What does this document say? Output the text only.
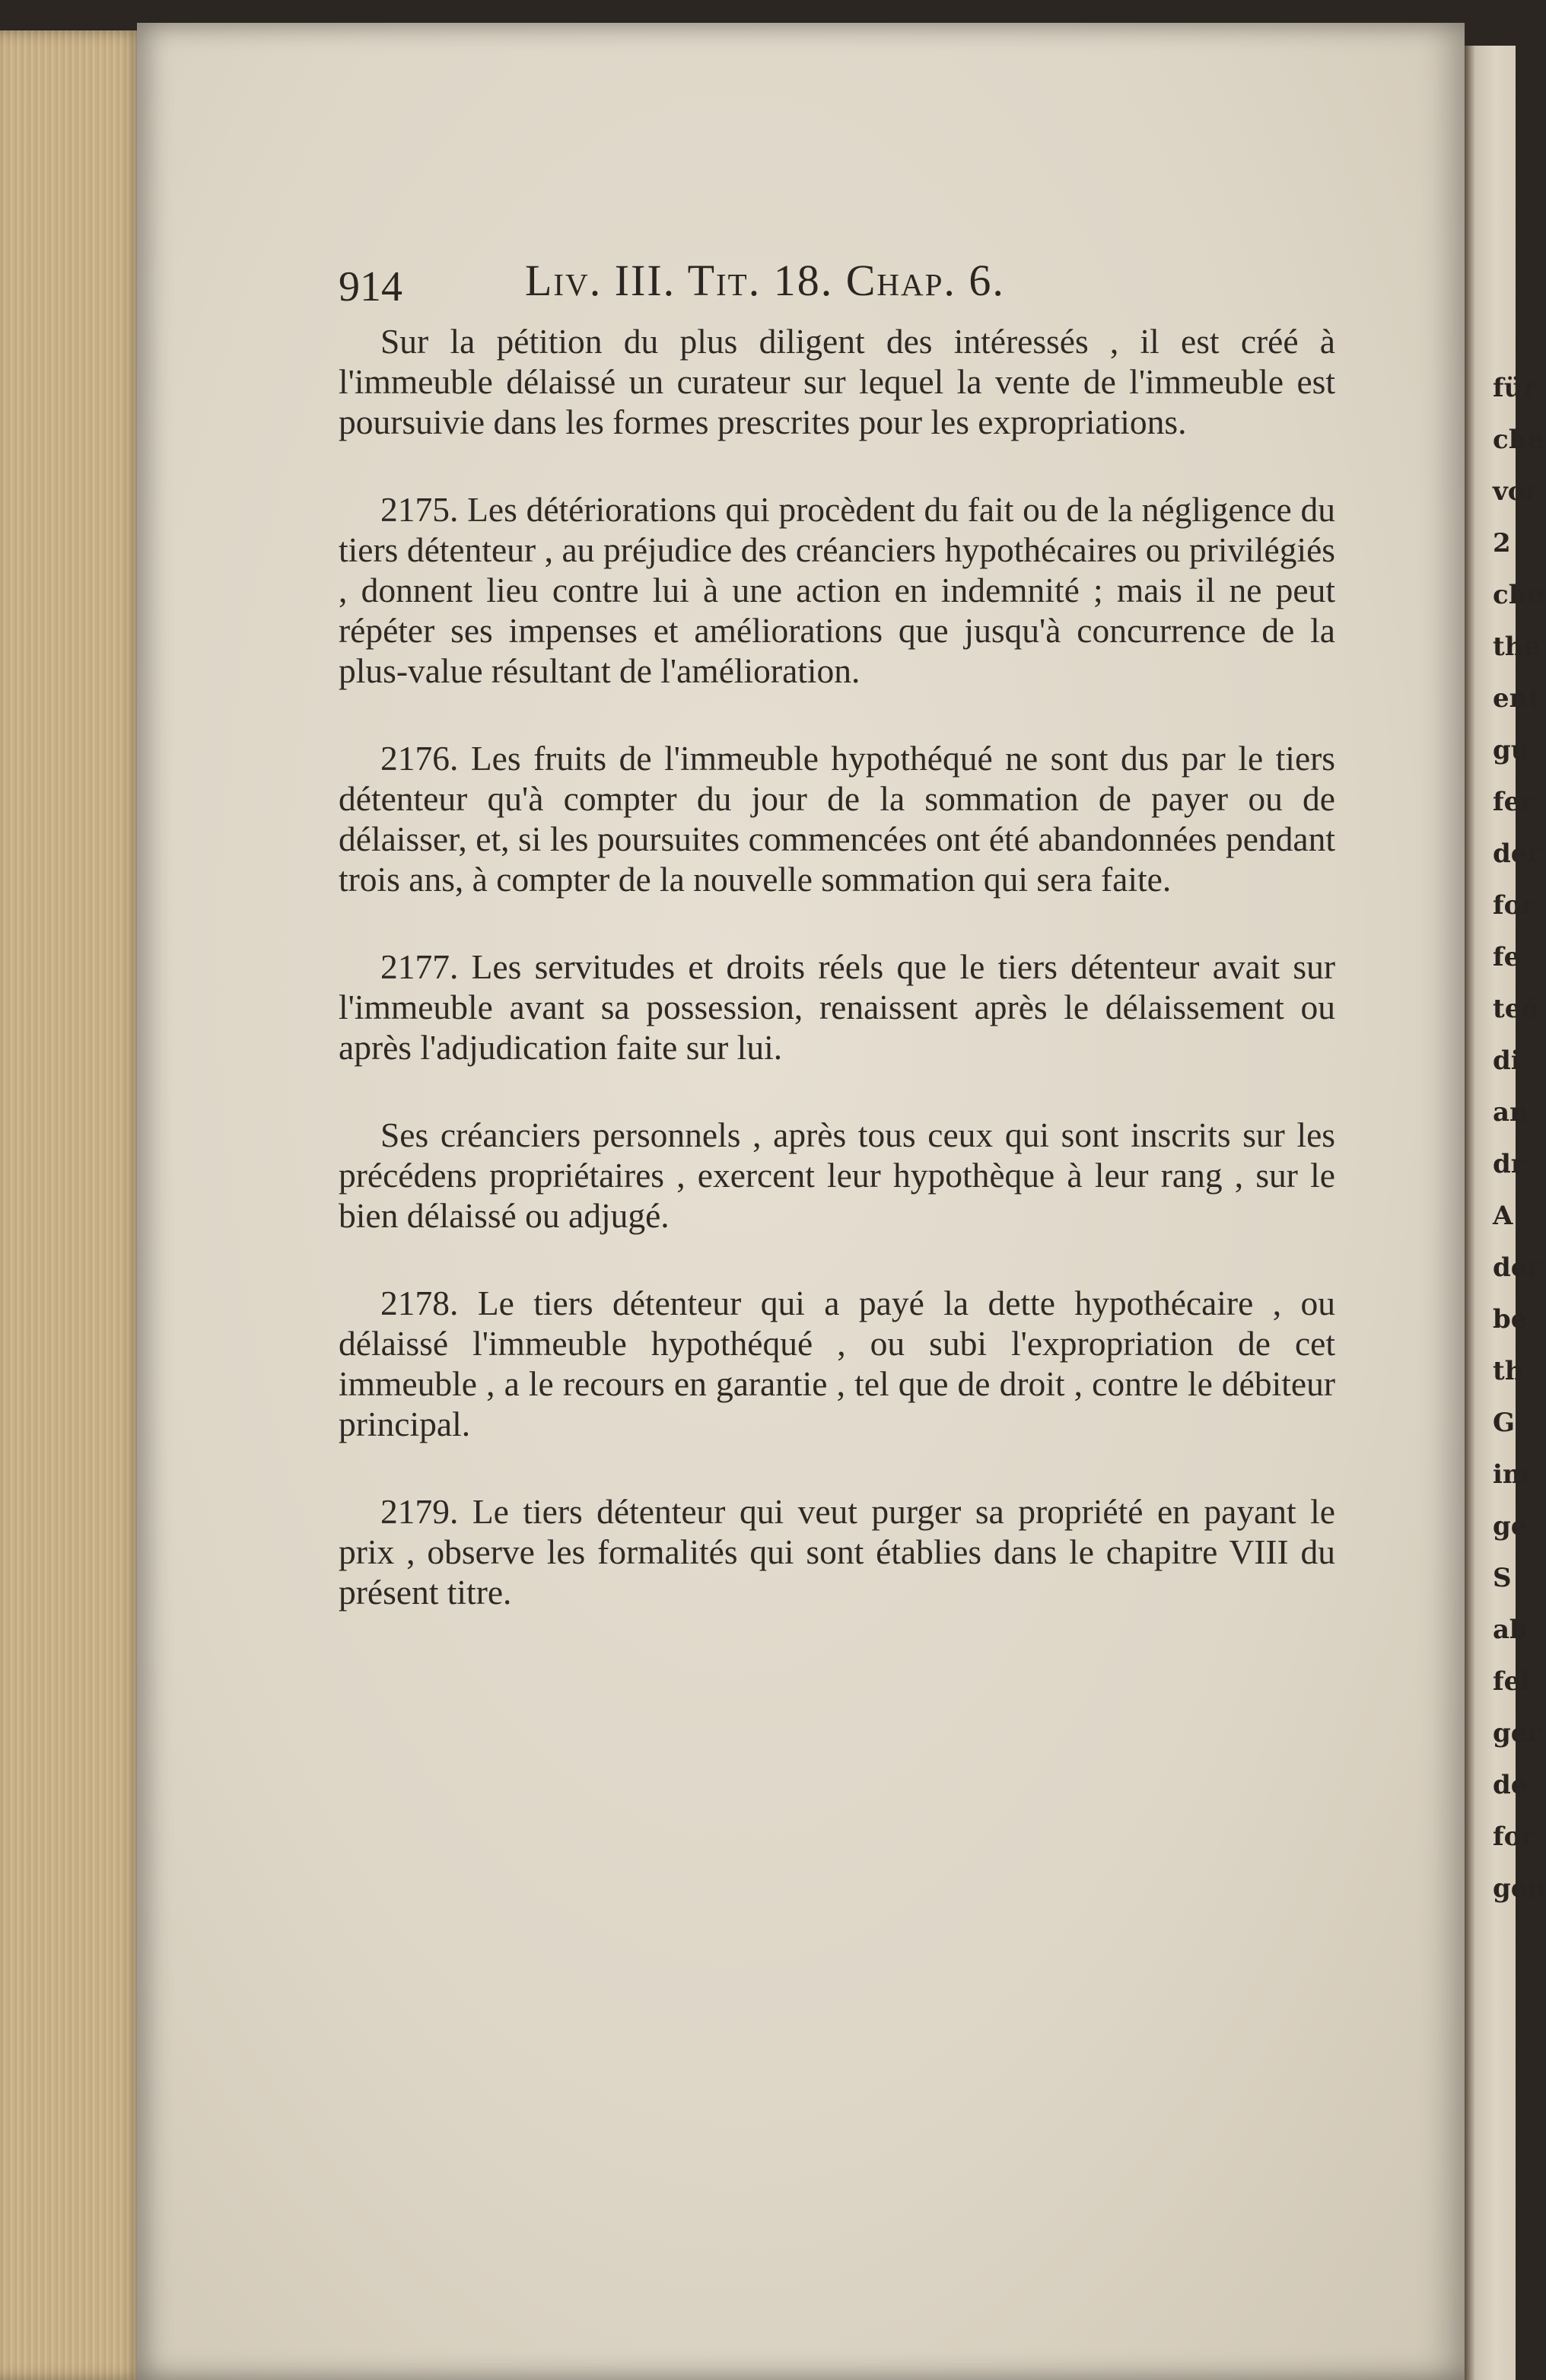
für
che
vor
2
che
the
ent
gu
fer
der
for
fe
teé
di
an
dr
A
der
be
th
G
im
ge
S
ab
fel
ger
de
for
gen
914	Liv. III. Tit. 18. Chap. 6.

Sur la pétition du plus diligent des intéressés , il est créé à l'immeuble délaissé un curateur sur lequel la vente de l'immeuble est poursuivie dans les formes prescrites pour les expropriations.

2175. Les détériorations qui procèdent du fait ou de la négligence du tiers détenteur , au préjudice des créanciers hypothécaires ou privilégiés , donnent lieu contre lui à une action en indemnité ; mais il ne peut répéter ses impenses et améliorations que jusqu'à concurrence de la plus-value résultant de l'amélioration.

2176. Les fruits de l'immeuble hypothéqué ne sont dus par le tiers détenteur qu'à compter du jour de la sommation de payer ou de délaisser, et, si les poursuites commencées ont été abandonnées pendant trois ans, à compter de la nouvelle sommation qui sera faite.

2177. Les servitudes et droits réels que le tiers détenteur avait sur l'immeuble avant sa possession, renaissent après le délaissement ou après l'adjudication faite sur lui.

Ses créanciers personnels , après tous ceux qui sont inscrits sur les précédens propriétaires , exercent leur hypothèque à leur rang , sur le bien délaissé ou adjugé.

2178. Le tiers détenteur qui a payé la dette hypothécaire , ou délaissé l'immeuble hypothéqué , ou subi l'expropriation de cet immeuble , a le recours en garantie , tel que de droit , contre le débiteur principal.

2179. Le tiers détenteur qui veut purger sa propriété en payant le prix , observe les formalités qui sont établies dans le chapitre VIII du présent titre.
